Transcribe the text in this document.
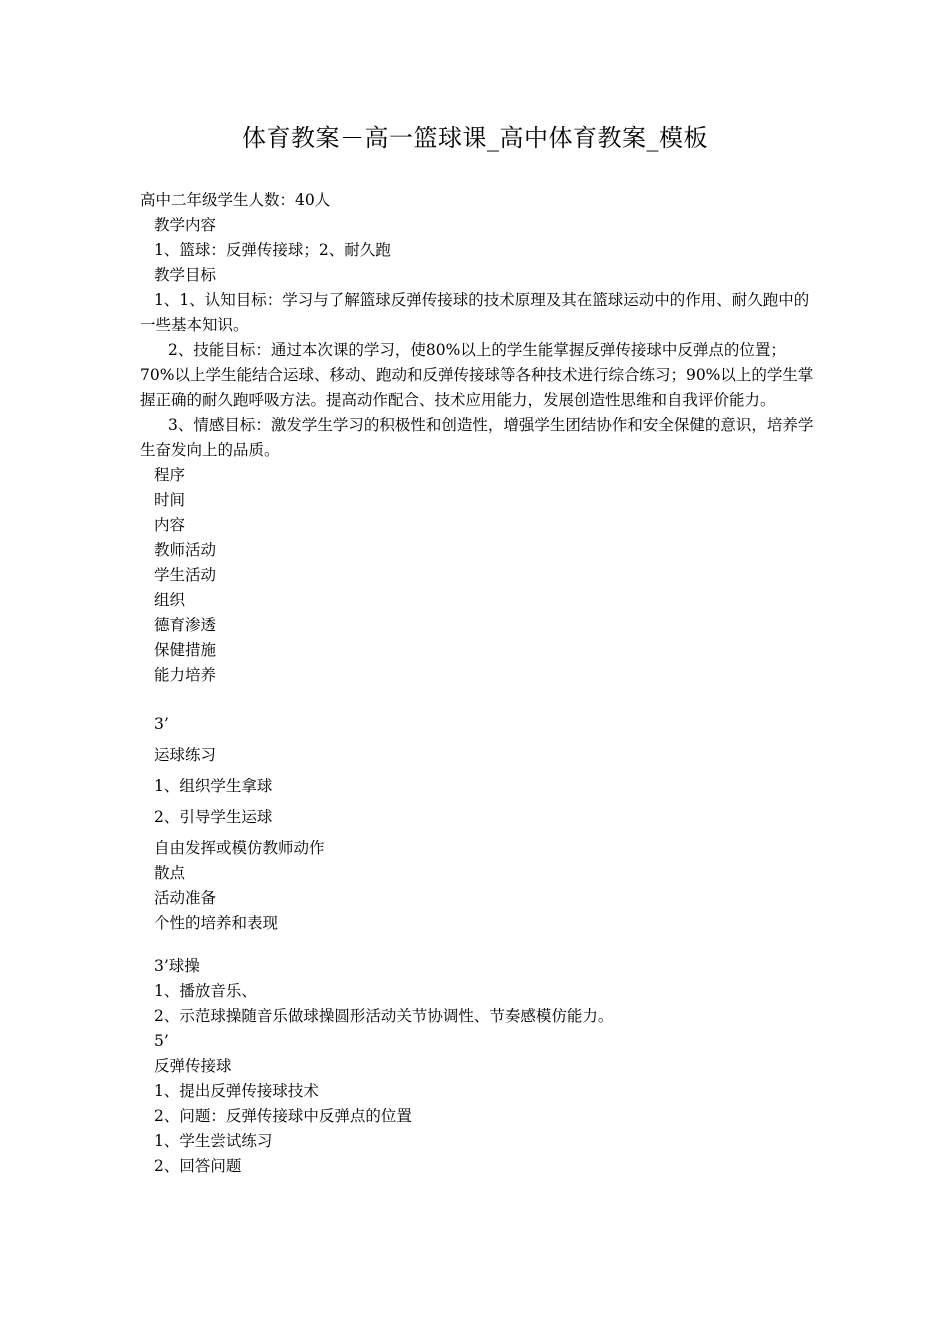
体育教案－高一篮球课_高中体育教案_模板

高中二年级学生人数：40人

教学内容

1、篮球：反弹传接球；2、耐久跑

教学目标

1、1、认知目标：学习与了解篮球反弹传接球的技术原理及其在篮球运动中的作用、耐久跑中的一些基本知识。

2、技能目标：通过本次课的学习，使80%以上的学生能掌握反弹传接球中反弹点的位置；70%以上学生能结合运球、移动、跑动和反弹传接球等各种技术进行综合练习；90%以上的学生掌握正确的耐久跑呼吸方法。提高动作配合、技术应用能力，发展创造性思维和自我评价能力。

3、情感目标：激发学生学习的积极性和创造性，增强学生团结协作和安全保健的意识，培养学生奋发向上的品质。

程序

时间

内容

教师活动

学生活动

组织

德育渗透

保健措施

能力培养

3’

运球练习

1、组织学生拿球

2、引导学生运球

自由发挥或模仿教师动作

散点

活动准备

个性的培养和表现

3’球操

1、播放音乐、

2、示范球操随音乐做球操圆形活动关节协调性、节奏感模仿能力。

5’

反弹传接球

1、提出反弹传接球技术

2、问题：反弹传接球中反弹点的位置

1、学生尝试练习

2、回答问题
